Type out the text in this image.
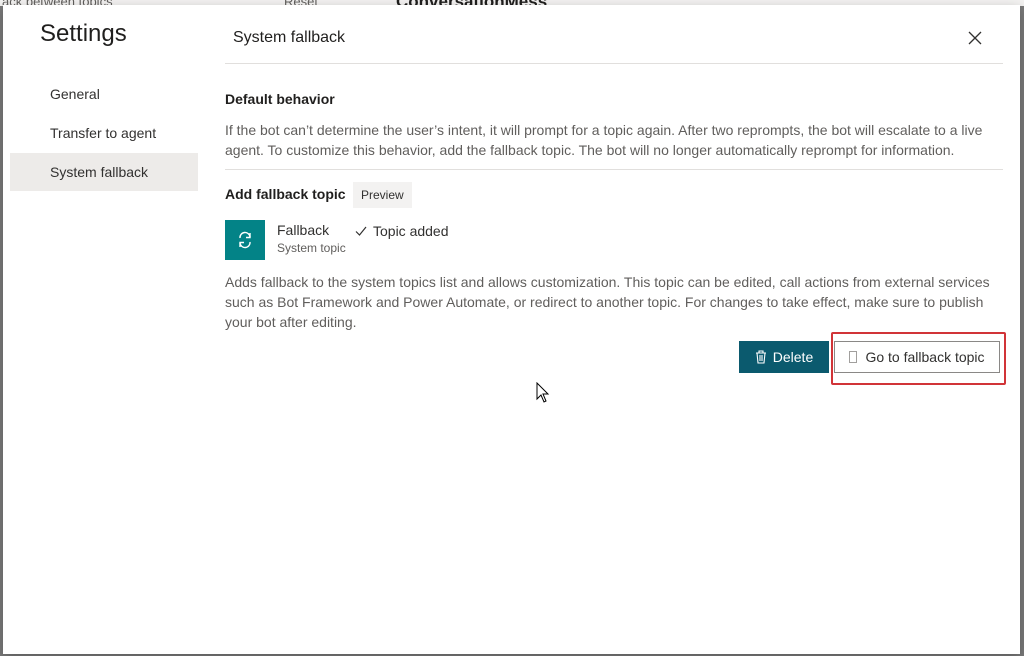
Settings
General
Transfer to agent
System fallback
System fallback
Default behavior
If the bot can’t determine the user’s intent, it will prompt for a topic again. After two reprompts, the bot will escalate to a live agent. To customize this behavior, add the fallback topic. The bot will no longer automatically reprompt for information.
Add fallback topic	Preview
Fallback
System topic
Topic added
Adds fallback to the system topics list and allows customization. This topic can be edited, call actions from external services such as Bot Framework and Power Automate, or redirect to another topic. For changes to take effect, make sure to publish your bot after editing.
Delete	Go to fallback topic
